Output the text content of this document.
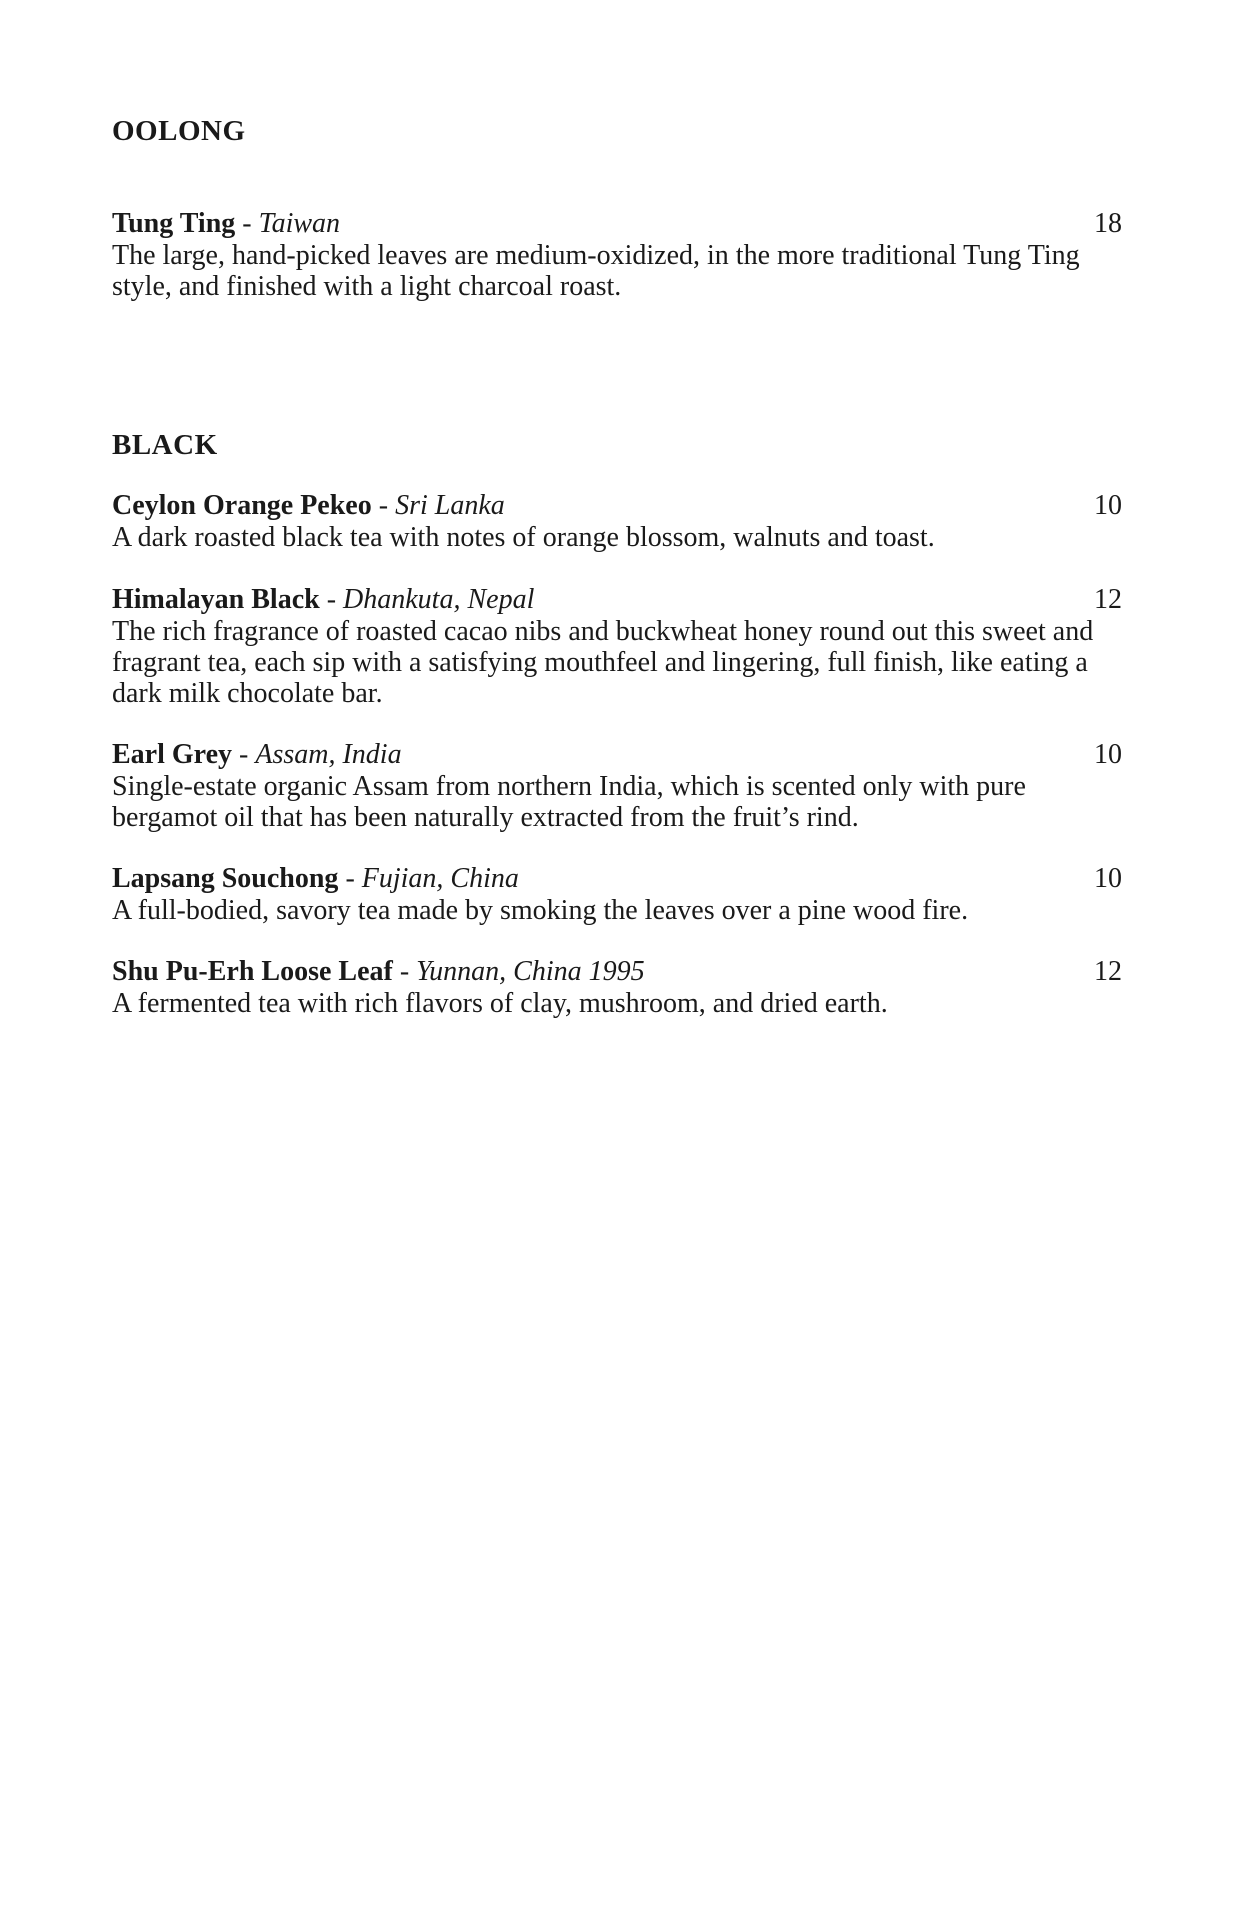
OOLONG
Tung Ting - Taiwan	18

The large, hand-picked leaves are medium-oxidized, in the more traditional Tung Ting style, and finished with a light charcoal roast.

BLACK
Ceylon Orange Pekeo - Sri Lanka	10

A dark roasted black tea with notes of orange blossom, walnuts and toast.

Himalayan Black - Dhankuta, Nepal	12

The rich fragrance of roasted cacao nibs and buckwheat honey round out this sweet and fragrant tea, each sip with a satisfying mouthfeel and lingering, full finish, like eating a dark milk chocolate bar.

Earl Grey - Assam, India	10

Single-estate organic Assam from northern India, which is scented only with pure bergamot oil that has been naturally extracted from the fruit’s rind.

Lapsang Souchong - Fujian, China	10

A full-bodied, savory tea made by smoking the leaves over a pine wood fire.

Shu Pu-Erh Loose Leaf - Yunnan, China 1995	12

A fermented tea with rich flavors of clay, mushroom, and dried earth.
